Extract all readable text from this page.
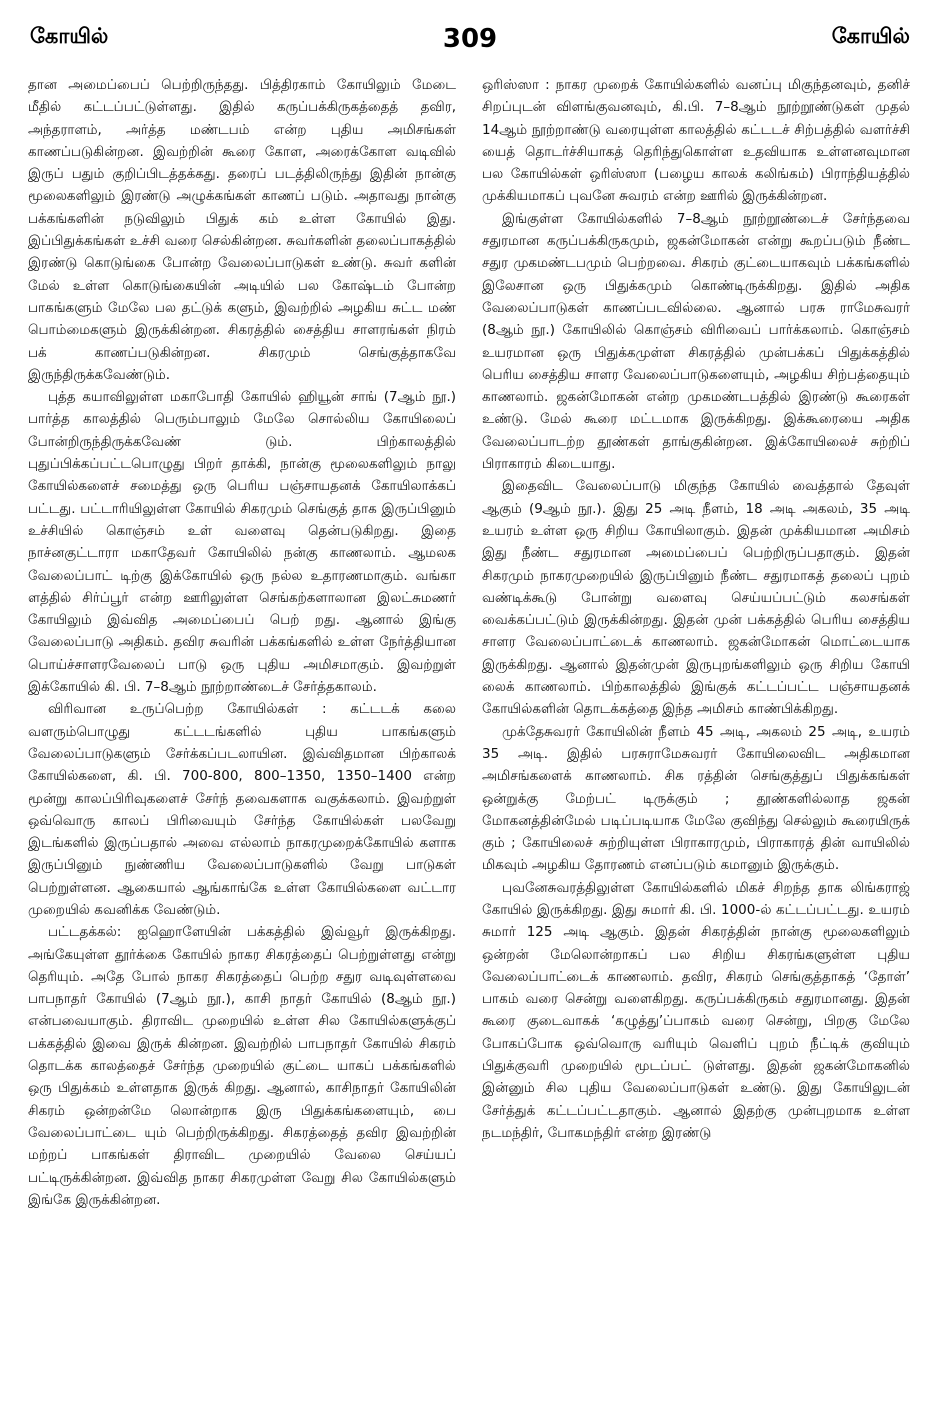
கோயில்	309	கோயில்

தான அமைப்பைப் பெற்றிருந்தது. பித்திரகாம் கோயிலும் மேடை மீதில் கட்டப்பட்டுள்ளது. இதில் கருப்பக்கிருகத்தைத் தவிர, அந்தராளம், அர்த்த மண்டபம் என்ற புதிய அமிசங்கள் காணப்படுகின்றன. இவற்றின் கூரை கோள, அரைக்கோள வடிவில் இருப் பதும் குறிப்பிடத்தக்கது. தரைப் படத்திலிருந்து இதின் நான்கு மூலைகளிலும் இரண்டு அழுக்கங்கள் காணப் படும். அதாவது நான்கு பக்கங்களின் நடுவிலும் பிதுக் கம் உள்ள கோயில் இது. இப்பிதுக்கங்கள் உச்சி வரை செல்கின்றன. சுவர்களின் தலைப்பாகத்தில் இரண்டு கொடுங்கை போன்ற வேலைப்பாடுகள் உண்டு. சுவர் களின் மேல் உள்ள கொடுங்கையின் அடியில் பல கோஷ்டம் போன்ற பாகங்களும் மேலே பல தட்டுக் களும், இவற்றில் அழகிய சுட்ட மண் பொம்மைகளும் இருக்கின்றன. சிகரத்தில் சைத்திய சாளரங்கள் நிரம் பக் காணப்படுகின்றன. சிகரமும் செங்குத்தாகவே இருந்திருக்கவேண்டும்.

புத்த கயாவிலுள்ள மகாபோதி கோயில் ஹியூன் சாங் (7ஆம் நூ.) பார்த்த காலத்தில் பெரும்பாலும் மேலே சொல்லிய கோயிலைப் போன்றிருந்திருக்கவேண் டும். பிற்காலத்தில் புதுப்பிக்கப்பட்டபொழுது பிறர் தாக்கி, நான்கு மூலைகளிலும் நாலு கோயில்களைச் சமைத்து ஒரு பெரிய பஞ்சாயதனக் கோயிலாக்கப் பட்டது. பட்டாரியிலுள்ள கோயில் சிகரமும் செங்குத் தாக இருப்பினும் உச்சியில் கொஞ்சம் உள் வளைவு தென்படுகிறது. இதை நாச்னகுட்டாரா மகாதேவர் கோயிலில் நன்கு காணலாம். ஆமலக வேலைப்பாட் டிற்கு இக்கோயில் ஒரு நல்ல உதாரணமாகும். வங்கா ளத்தில் சிர்ப்பூர் என்ற ஊரிலுள்ள செங்கற்களாலான இலட்சுமணர் கோயிலும் இவ்வித அமைப்பைப் பெற் றது. ஆனால் இங்கு வேலைப்பாடு அதிகம். தவிர சுவரின் பக்கங்களில் உள்ள நேர்த்தியான பொய்ச்சாளரவேலைப் பாடு ஒரு புதிய அமிசமாகும். இவற்றுள் இக்கோயில் கி. பி. 7–8ஆம் நூற்றாண்டைச் சேர்த்தகாலம்.

விரிவான உருப்பெற்ற கோயில்கள் : கட்டடக் கலை வளரும்பொழுது கட்டடங்களில் புதிய பாகங்களும் வேலைப்பாடுகளும் சேர்க்கப்படலாயின. இவ்விதமான பிற்காலக் கோயில்களை, கி. பி. 700-800, 800–1350, 1350–1400 என்ற மூன்று காலப்பிரிவுகளைச் சேர்ந் தவைகளாக வகுக்கலாம். இவற்றுள் ஒவ்வொரு காலப் பிரிவையும் சேர்ந்த கோயில்கள் பலவேறு இடங்களில் இருப்பதால் அவை எல்லாம் நாகரமுறைக்கோயில் களாக இருப்பினும் நுண்ணிய வேலைப்பாடுகளில் வேறு பாடுகள் பெற்றுள்ளன. ஆகையால் ஆங்காங்கே உள்ள கோயில்களை வட்டார முறையில் கவனிக்க வேண்டும்.

பட்டதக்கல்: ஐஹொளேயின் பக்கத்தில் இவ்வூர் இருக்கிறது. அங்கேயுள்ள தூர்க்கை கோயில் நாகர சிகரத்தைப் பெற்றுள்ளது என்று தெரியும். அதே போல் நாகர சிகரத்தைப் பெற்ற சதுர வடிவுள்ளவை பாபநாதர் கோயில் (7ஆம் நூ.), காசி நாதர் கோயில் (8ஆம் நூ.) என்பவையாகும். திராவிட முறையில் உள்ள சில கோயில்களுக்குப் பக்கத்தில் இவை இருக் கின்றன. இவற்றில் பாபநாதர் கோயில் சிகரம் தொடக்க காலத்தைச் சேர்ந்த முறையில் குட்டை யாகப் பக்கங்களில் ஒரு பிதுக்கம் உள்ளதாக இருக் கிறது. ஆனால், காசிநாதர் கோயிலின் சிகரம் ஒன்றன்மே லொன்றாக இரு பிதுக்கங்களையும், பை வேலைப்பாட்டை யும் பெற்றிருக்கிறது. சிகரத்தைத் தவிர இவற்றின் மற்றப் பாகங்கள் திராவிட முறையில் வேலை செய்யப் பட்டிருக்கின்றன. இவ்வித நாகர சிகரமுள்ள வேறு சில கோயில்களும் இங்கே இருக்கின்றன.

ஒரிஸ்ஸா : நாகர முறைக் கோயில்களில் வனப்பு மிகுந்தனவும், தனிச் சிறப்புடன் விளங்குவனவும், கி.பி. 7–8ஆம் நூற்றூண்டுகள் முதல் 14ஆம் நூற்றாண்டு வரையுள்ள காலத்தில் கட்டடச் சிற்பத்தில் வளர்ச்சி யைத் தொடர்ச்சியாகத் தெரிந்துகொள்ள உதவியாக உள்ளனவுமான பல கோயில்கள் ஒரிஸ்ஸா (பழைய காலக் கலிங்கம்) பிராந்தியத்தில் முக்கியமாகப் புவனே சுவரம் என்ற ஊரில் இருக்கின்றன.

இங்குள்ள கோயில்களில் 7–8ஆம் நூற்றூண்டைச் சேர்ந்தவை சதுரமான கருப்பக்கிருகமும், ஜகன்மோகன் என்று கூறப்படும் நீண்ட சதுர முகமண்டபமும் பெற்றவை. சிகரம் குட்டையாகவும் பக்கங்களில் இலேசான ஒரு பிதுக்கமும் கொண்டிருக்கிறது. இதில் அதிக வேலைப்பாடுகள் காணப்படவில்லை. ஆனால் பரசு ராமேசுவரர் (8ஆம் நூ.) கோயிலில் கொஞ்சம் விரிவைப் பார்க்கலாம். கொஞ்சம் உயரமான ஒரு பிதுக்கமுள்ள சிகரத்தில் முன்பக்கப் பிதுக்கத்தில் பெரிய சைத்திய சாளர வேலைப்பாடுகளையும், அழகிய சிற்பத்தையும் காணலாம். ஜகன்மோகன் என்ற முகமண்டபத்தில் இரண்டு கூரைகள் உண்டு. மேல் கூரை மட்டமாக இருக்கிறது. இக்கூரையை அதிக வேலைப்பாடற்ற தூண்கள் தாங்குகின்றன. இக்கோயிலைச் சுற்றிப் பிராகாரம் கிடையாது.

இதைவிட வேலைப்பாடு மிகுந்த கோயில் வைத்தால் தேவுள் ஆகும் (9ஆம் நூ.). இது 25 அடி நீளம், 18 அடி அகலம், 35 அடி உயரம் உள்ள ஒரு சிறிய கோயிலாகும். இதன் முக்கியமான அமிசம் இது நீண்ட சதுரமான அமைப்பைப் பெற்றிருப்பதாகும். இதன் சிகரமும் நாகரமுறையில் இருப்பினும் நீண்ட சதுரமாகத் தலைப் புறம் வண்டிக்கூடு போன்று வளைவு செய்யப்பட்டும் கலசங்கள் வைக்கப்பட்டும் இருக்கின்றது. இதன் முன் பக்கத்தில் பெரிய சைத்திய சாளர வேலைப்பாட்டைக் காணலாம். ஜகன்மோகன் மொட்டையாக இருக்கிறது. ஆனால் இதன்முன் இருபுறங்களிலும் ஒரு சிறிய கோயி லைக் காணலாம். பிற்காலத்தில் இங்குக் கட்டப்பட்ட பஞ்சாயதனக் கோயில்களின் தொடக்கத்தை இந்த அமிசம் காண்பிக்கிறது.

முக்தேசுவரர் கோயிலின் நீளம் 45 அடி, அகலம் 25 அடி, உயரம் 35 அடி. இதில் பரசுராமேசுவரர் கோயிலைவிட அதிகமான அமிசங்களைக் காணலாம். சிக ரத்தின் செங்குத்துப் பிதுக்கங்கள் ஒன்றுக்கு மேற்பட் டிருக்கும் ; தூண்களில்லாத ஜகன் மோகனத்தின்மேல் படிப்படியாக மேலே குவிந்து செல்லும் கூரையிருக் கும் ; கோயிலைச் சுற்றியுள்ள பிராகாரமும், பிராகாரத் தின் வாயிலில் மிகவும் அழகிய தோரணம் எனப்படும் கமானும் இருக்கும்.

புவனேசுவரத்திலுள்ள கோயில்களில் மிகச் சிறந்த தாக லிங்கராஜ் கோயில் இருக்கிறது. இது சுமார் கி. பி. 1000-ல் கட்டப்பட்டது. உயரம் சுமார் 125 அடி ஆகும். இதன் சிகரத்தின் நான்கு மூலைகளிலும் ஒன்றன் மேலொன்றாகப் பல சிறிய சிகரங்களுள்ள புதிய வேலைப்பாட்டைக் காணலாம். தவிர, சிகரம் செங்குத்தாகத் ‘தோள்’ பாகம் வரை சென்று வளைகிறது. கருப்பக்கிருகம் சதுரமானது. இதன் கூரை குடைவாகக் ‘கழுத்து’ப்பாகம் வரை சென்று, பிறகு மேலே போகப்போக ஒவ்வொரு வரியும் வெளிப் புறம் நீட்டிக் குவியும் பிதுக்குவரி முறையில் மூடப்பட் டுள்ளது. இதன் ஜகன்மோகனில் இன்னும் சில புதிய வேலைப்பாடுகள் உண்டு. இது கோயிலுடன் சேர்த்துக் கட்டப்பட்டதாகும். ஆனால் இதற்கு முன்புறமாக உள்ள நடமந்திர், போகமந்திர் என்ற இரண்டு
